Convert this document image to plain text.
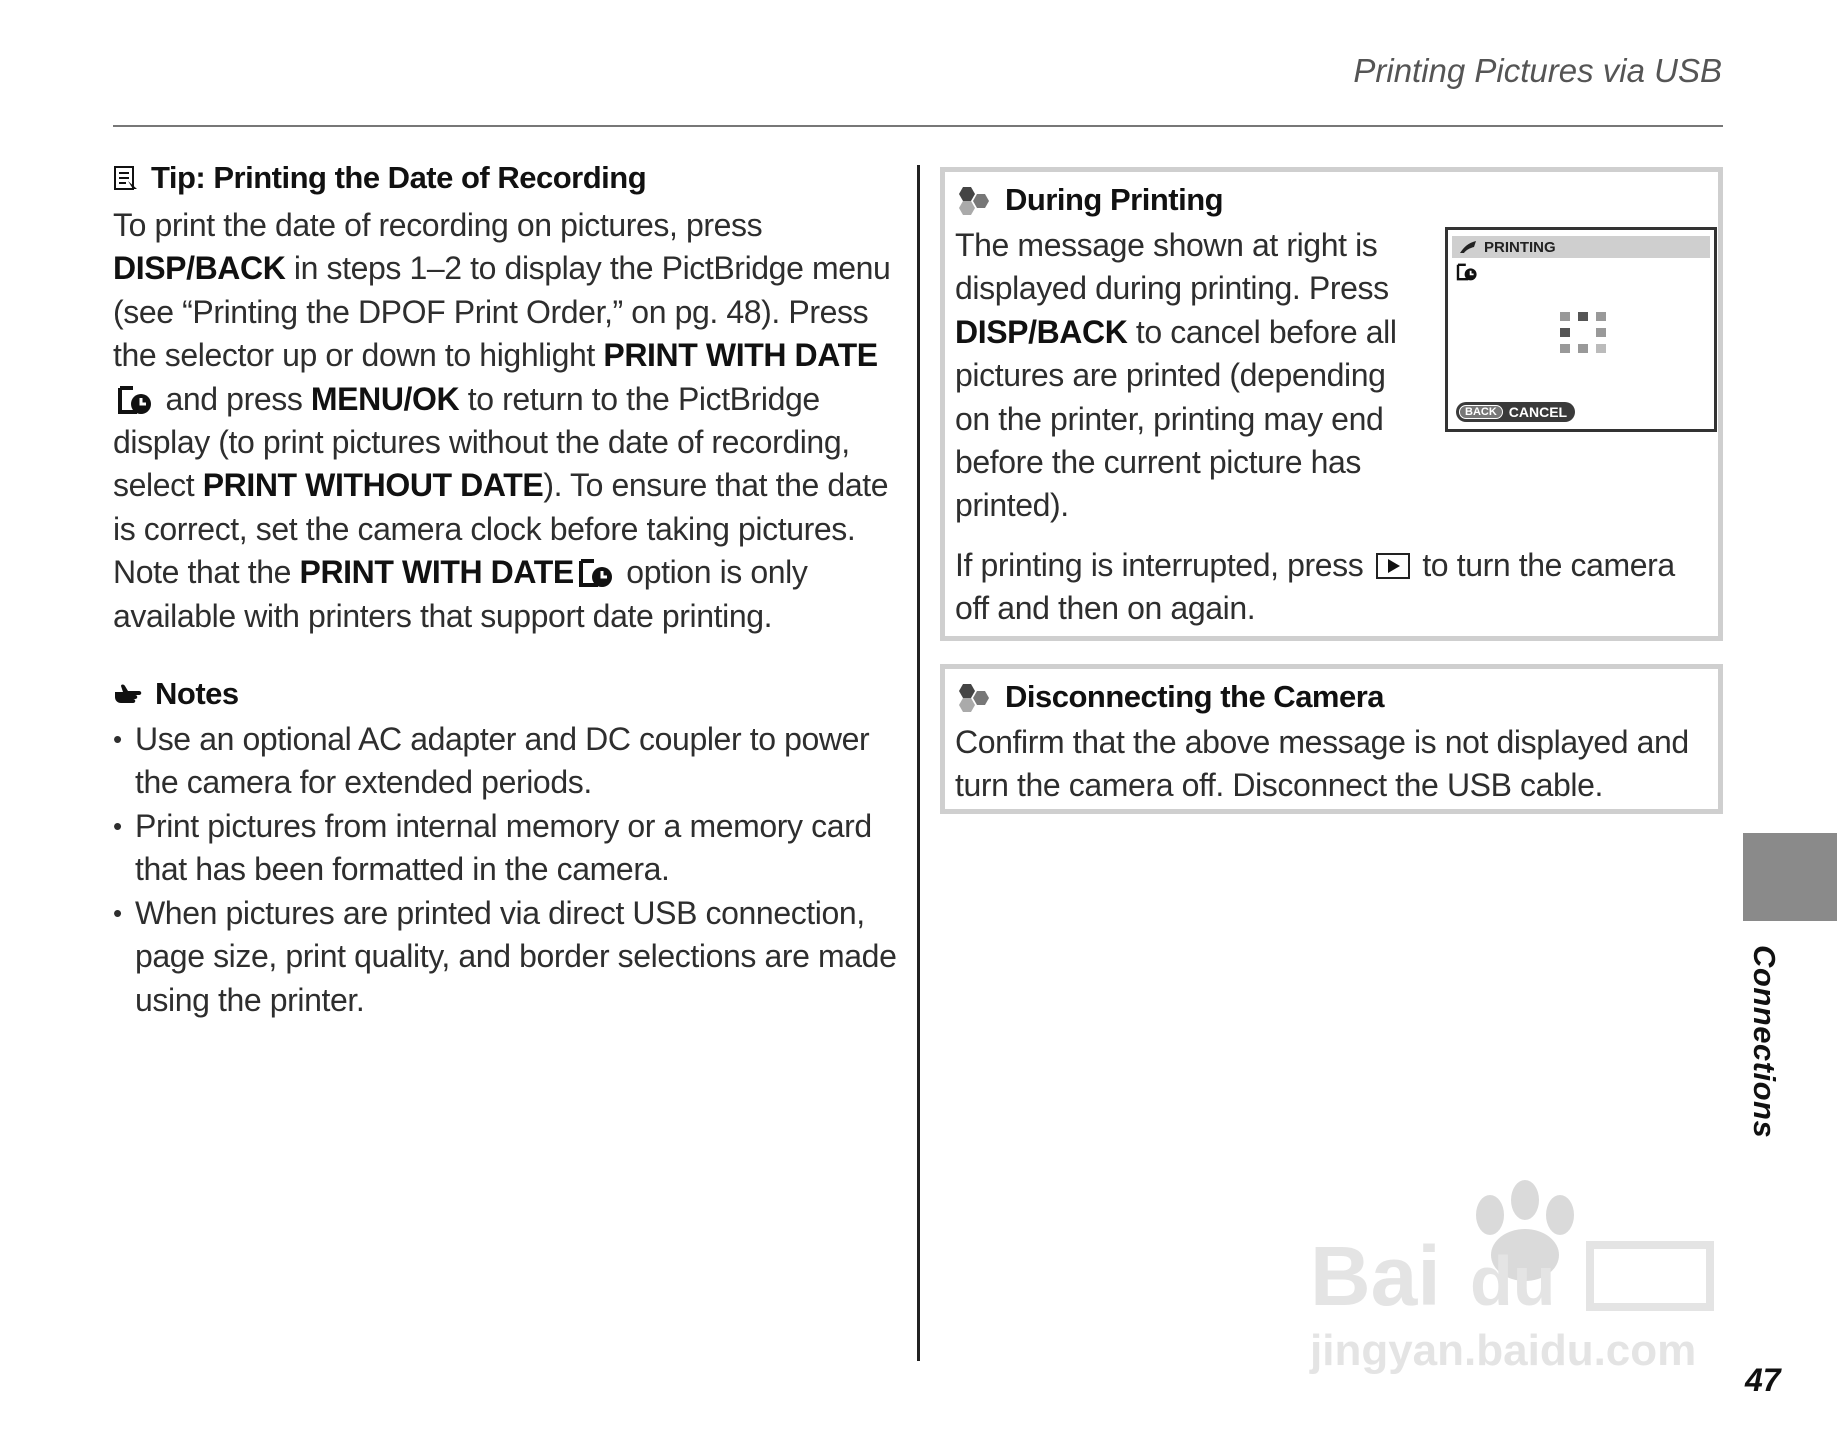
Printing Pictures via USB
Tip: Printing the Date of Recording
To print the date of recording on pictures, press DISP/BACK in steps 1–2 to display the PictBridge menu (see “Printing the DPOF Print Order,” on pg. 48). Press the selector up or down to highlight PRINT WITH DATE and press MENU/OK to return to the PictBridge display (to print pictures without the date of recording, select PRINT WITHOUT DATE). To ensure that the date is correct, set the camera clock before taking pictures. Note that the PRINT WITH DATE option is only available with printers that support date printing.
Notes
• Use an optional AC adapter and DC coupler to power the camera for extended periods.
• Print pictures from internal memory or a memory card that has been formatted in the camera.
• When pictures are printed via direct USB connection, page size, print quality, and border selections are made using the printer.
During Printing
The message shown at right is displayed during printing. Press DISP/BACK to cancel before all pictures are printed (depending on the printer, printing may end before the current picture has printed).
If printing is interrupted, press
to turn the camera off and then on again.
PRINTING
BACK CANCEL
Disconnecting the Camera
Confirm that the above message is not displayed and turn the camera off. Disconnect the USB cable.
Connections
Bai du
jingyan.baidu.com
47
